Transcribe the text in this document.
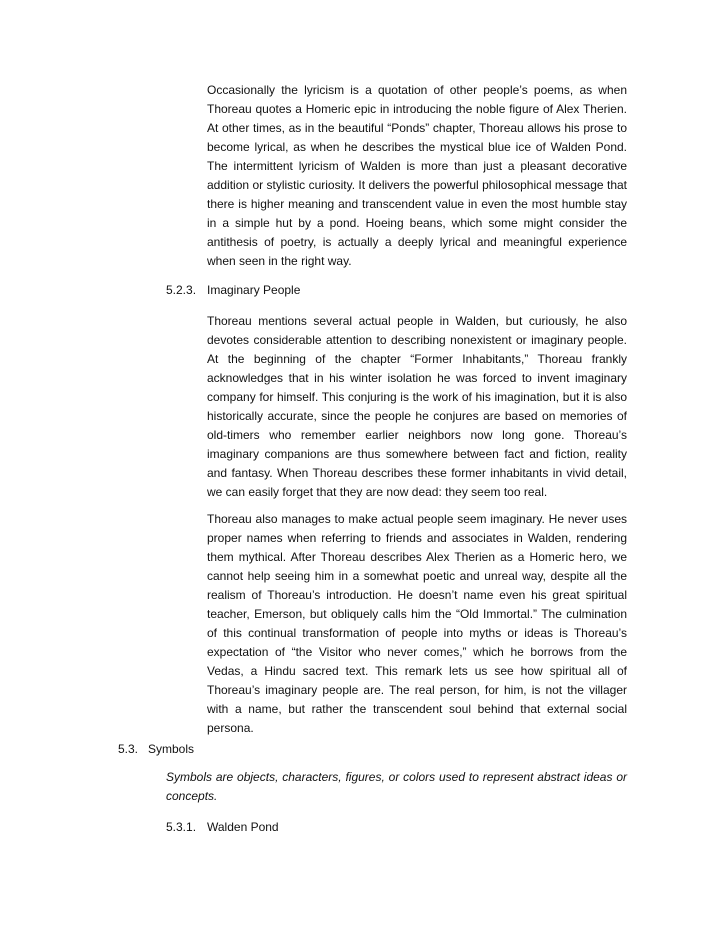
Occasionally the lyricism is a quotation of other people’s poems, as when Thoreau quotes a Homeric epic in introducing the noble figure of Alex Therien. At other times, as in the beautiful “Ponds” chapter, Thoreau allows his prose to become lyrical, as when he describes the mystical blue ice of Walden Pond. The intermittent lyricism of Walden is more than just a pleasant decorative addition or stylistic curiosity. It delivers the powerful philosophical message that there is higher meaning and transcendent value in even the most humble stay in a simple hut by a pond. Hoeing beans, which some might consider the antithesis of poetry, is actually a deeply lyrical and meaningful experience when seen in the right way.

5.2.3. Imaginary People

Thoreau mentions several actual people in Walden, but curiously, he also devotes considerable attention to describing nonexistent or imaginary people. At the beginning of the chapter “Former Inhabitants,” Thoreau frankly acknowledges that in his winter isolation he was forced to invent imaginary company for himself. This conjuring is the work of his imagination, but it is also historically accurate, since the people he conjures are based on memories of old-timers who remember earlier neighbors now long gone. Thoreau’s imaginary companions are thus somewhere between fact and fiction, reality and fantasy. When Thoreau describes these former inhabitants in vivid detail, we can easily forget that they are now dead: they seem too real.

Thoreau also manages to make actual people seem imaginary. He never uses proper names when referring to friends and associates in Walden, rendering them mythical. After Thoreau describes Alex Therien as a Homeric hero, we cannot help seeing him in a somewhat poetic and unreal way, despite all the realism of Thoreau’s introduction. He doesn’t name even his great spiritual teacher, Emerson, but obliquely calls him the “Old Immortal.” The culmination of this continual transformation of people into myths or ideas is Thoreau’s expectation of “the Visitor who never comes,” which he borrows from the Vedas, a Hindu sacred text. This remark lets us see how spiritual all of Thoreau’s imaginary people are. The real person, for him, is not the villager with a name, but rather the transcendent soul behind that external social persona.

5.3. Symbols

Symbols are objects, characters, figures, or colors used to represent abstract ideas or concepts.

5.3.1. Walden Pond
